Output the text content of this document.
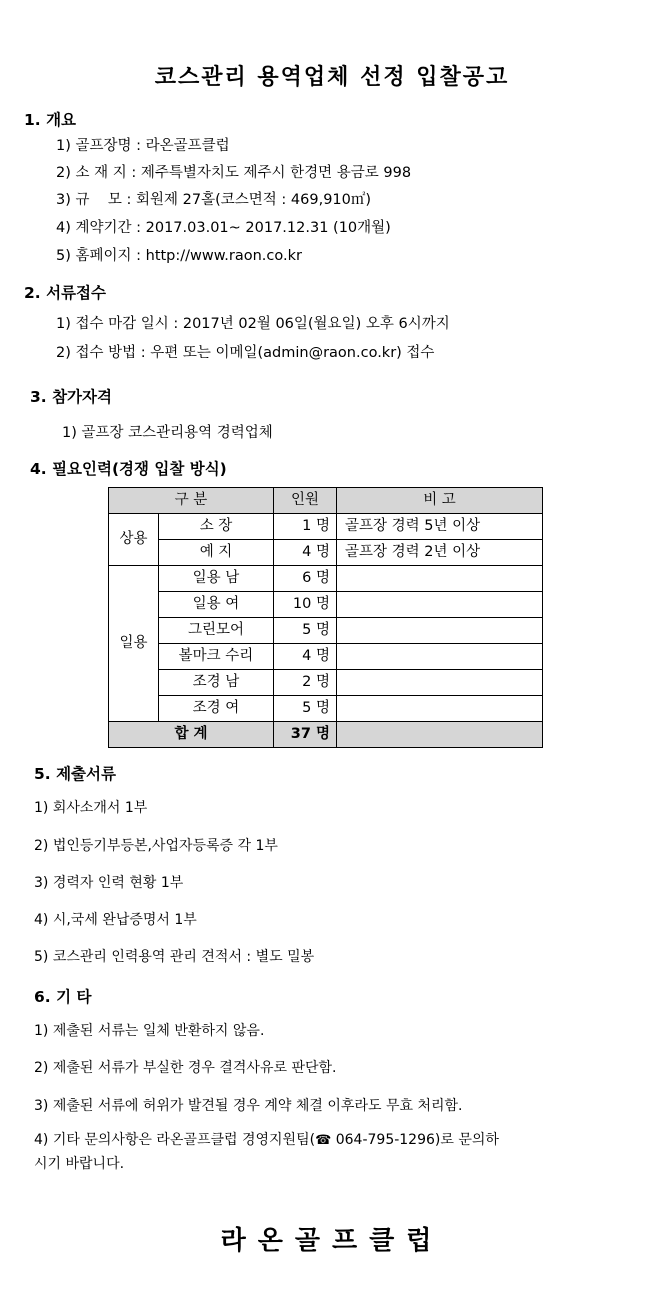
코스관리 용역업체 선정 입찰공고
1. 개요
1) 골프장명 : 라온골프클럽
2) 소 재 지 : 제주특별자치도 제주시 한경면 용금로 998
3) 규    모 : 회원제 27홀(코스면적 : 469,910㎡)
4) 계약기간 : 2017.03.01~ 2017.12.31 (10개월)
5) 홈페이지 : http://www.raon.co.kr
2. 서류접수
1) 접수 마감 일시 : 2017년 02월 06일(월요일) 오후 6시까지
2) 접수 방법 : 우편 또는 이메일(admin@raon.co.kr) 접수
3. 참가자격
1) 골프장 코스관리용역 경력업체
4. 필요인력(경쟁 입찰 방식)
구 분		인원	비 고
상용	소 장	1 명	골프장 경력 5년 이상
	예 지	4 명	골프장 경력 2년 이상
일용	일용 남	6 명	
	일용 여	10 명	
	그린모어	5 명	
	볼마크 수리	4 명	
	조경 남	2 명	
	조경 여	5 명	
합 계		37 명	
5. 제출서류
1) 회사소개서 1부
2) 법인등기부등본,사업자등록증 각 1부
3) 경력자 인력 현황 1부
4) 시,국세 완납증명서 1부
5) 코스관리 인력용역 관리 견적서 : 별도 밀봉
6. 기 타
1) 제출된 서류는 일체 반환하지 않음.
2) 제출된 서류가 부실한 경우 결격사유로 판단함.
3) 제출된 서류에 허위가 발견될 경우 계약 체결 이후라도 무효 처리함.
4) 기타 문의사항은 라온골프클럽 경영지원팀(☎ 064-795-1296)로 문의하
시기 바랍니다.
라온골프클럽
